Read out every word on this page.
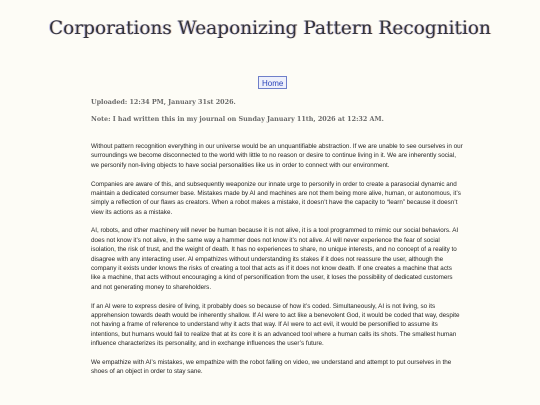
Corporations Weaponizing Pattern Recognition
Home
Uploaded: 12:34 PM, January 31st 2026.
Note: I had written this in my journal on Sunday January 11th, 2026 at 12:32 AM.

Without pattern recognition everything in our universe would be an unquantifiable abstraction. If we are unable to see ourselves in our surroundings we become disconnected to the world with little to no reason or desire to continue living in it. We are inherently social, we personify non-living objects to have social personalities like us in order to connect with our environment.

Companies are aware of this, and subsequently weaponize our innate urge to personify in order to create a parasocial dynamic and maintain a dedicated consumer base. Mistakes made by AI and machines are not them being more alive, human, or autonomous, it’s simply a reflection of our flaws as creators. When a robot makes a mistake, it doesn’t have the capacity to “learn” because it doesn’t view its actions as a mistake.

AI, robots, and other machinery will never be human because it is not alive, it is a tool programmed to mimic our social behaviors. AI does not know it’s not alive, in the same way a hammer does not know it’s not alive. AI will never experience the fear of social isolation, the risk of trust, and the weight of death. It has no experiences to share, no unique interests, and no concept of a reality to disagree with any interacting user. AI empathizes without understanding its stakes if it does not reassure the user, although the company it exists under knows the risks of creating a tool that acts as if it does not know death. If one creates a machine that acts like a machine, that acts without encouraging a kind of personification from the user, it loses the possibility of dedicated customers and not generating money to shareholders.

If an AI were to express desire of living, it probably does so because of how it’s coded. Simultaneously, AI is not living, so its apprehension towards death would be inherently shallow. If AI were to act like a benevolent God, it would be coded that way, despite not having a frame of reference to understand why it acts that way. If AI were to act evil, it would be personified to assume its intentions, but humans would fail to realize that at its core it is an advanced tool where a human calls its shots. The smallest human influence characterizes its personality, and in exchange influences the user’s future.

We empathize with AI’s mistakes, we empathize with the robot falling on video, we understand and attempt to put ourselves in the shoes of an object in order to stay sane.
